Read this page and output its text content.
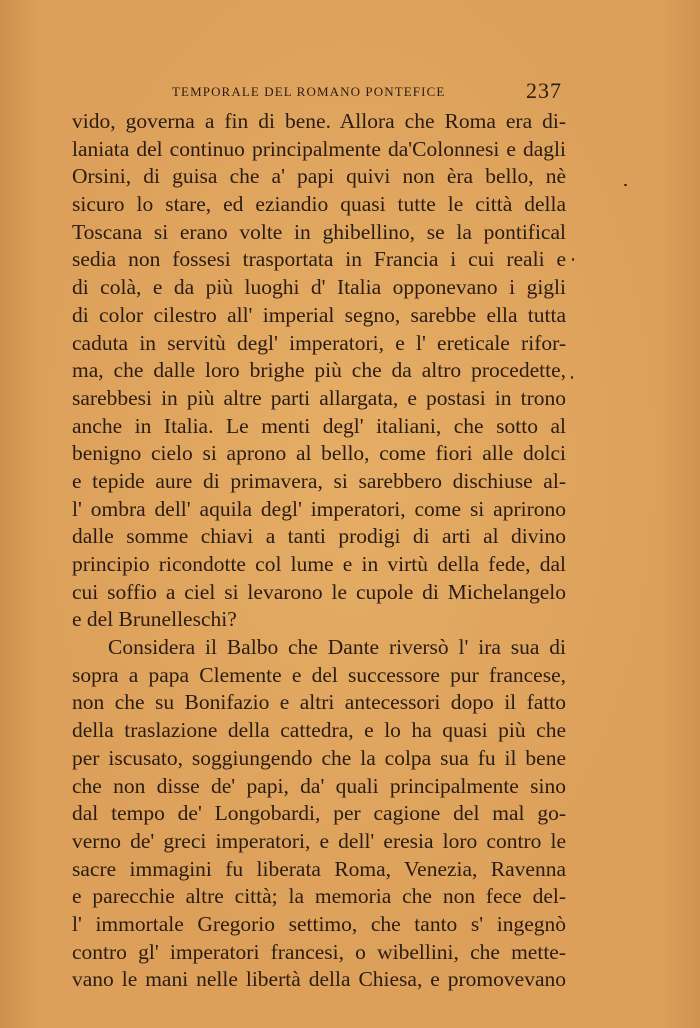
TEMPORALE DEL ROMANO PONTEFICE	237
vido, governa a fin di bene. Allora che Roma era di-
laniata del continuo principalmente da'Colonnesi e dagli
Orsini, di guisa che a' papi quivi non èra bello, nè
sicuro lo stare, ed eziandio quasi tutte le città della
Toscana si erano volte in ghibellino, se la pontifical
sedia non fossesi trasportata in Francia i cui reali e
di colà, e da più luoghi d' Italia opponevano i gigli
di color cilestro all' imperial segno, sarebbe ella tutta
caduta in servitù degl' imperatori, e l' ereticale rifor-
ma, che dalle loro brighe più che da altro procedette,
sarebbesi in più altre parti allargata, e postasi in trono
anche in Italia. Le menti degl' italiani, che sotto al
benigno cielo si aprono al bello, come fiori alle dolci
e tepide aure di primavera, si sarebbero dischiuse al-
l' ombra dell' aquila degl' imperatori, come si aprirono
dalle somme chiavi a tanti prodigi di arti al divino
principio ricondotte col lume e in virtù della fede, dal
cui soffio a ciel si levarono le cupole di Michelangelo
e del Brunelleschi?
Considera il Balbo che Dante riversò l' ira sua di
sopra a papa Clemente e del successore pur francese,
non che su Bonifazio e altri antecessori dopo il fatto
della traslazione della cattedra, e lo ha quasi più che
per iscusato, soggiungendo che la colpa sua fu il bene
che non disse de' papi, da' quali principalmente sino
dal tempo de' Longobardi, per cagione del mal go-
verno de' greci imperatori, e dell' eresia loro contro le
sacre immagini fu liberata Roma, Venezia, Ravenna
e parecchie altre città; la memoria che non fece del-
l' immortale Gregorio settimo, che tanto s' ingegnò
contro gl' imperatori francesi, o wibellini, che mette-
vano le mani nelle libertà della Chiesa, e promovevano
